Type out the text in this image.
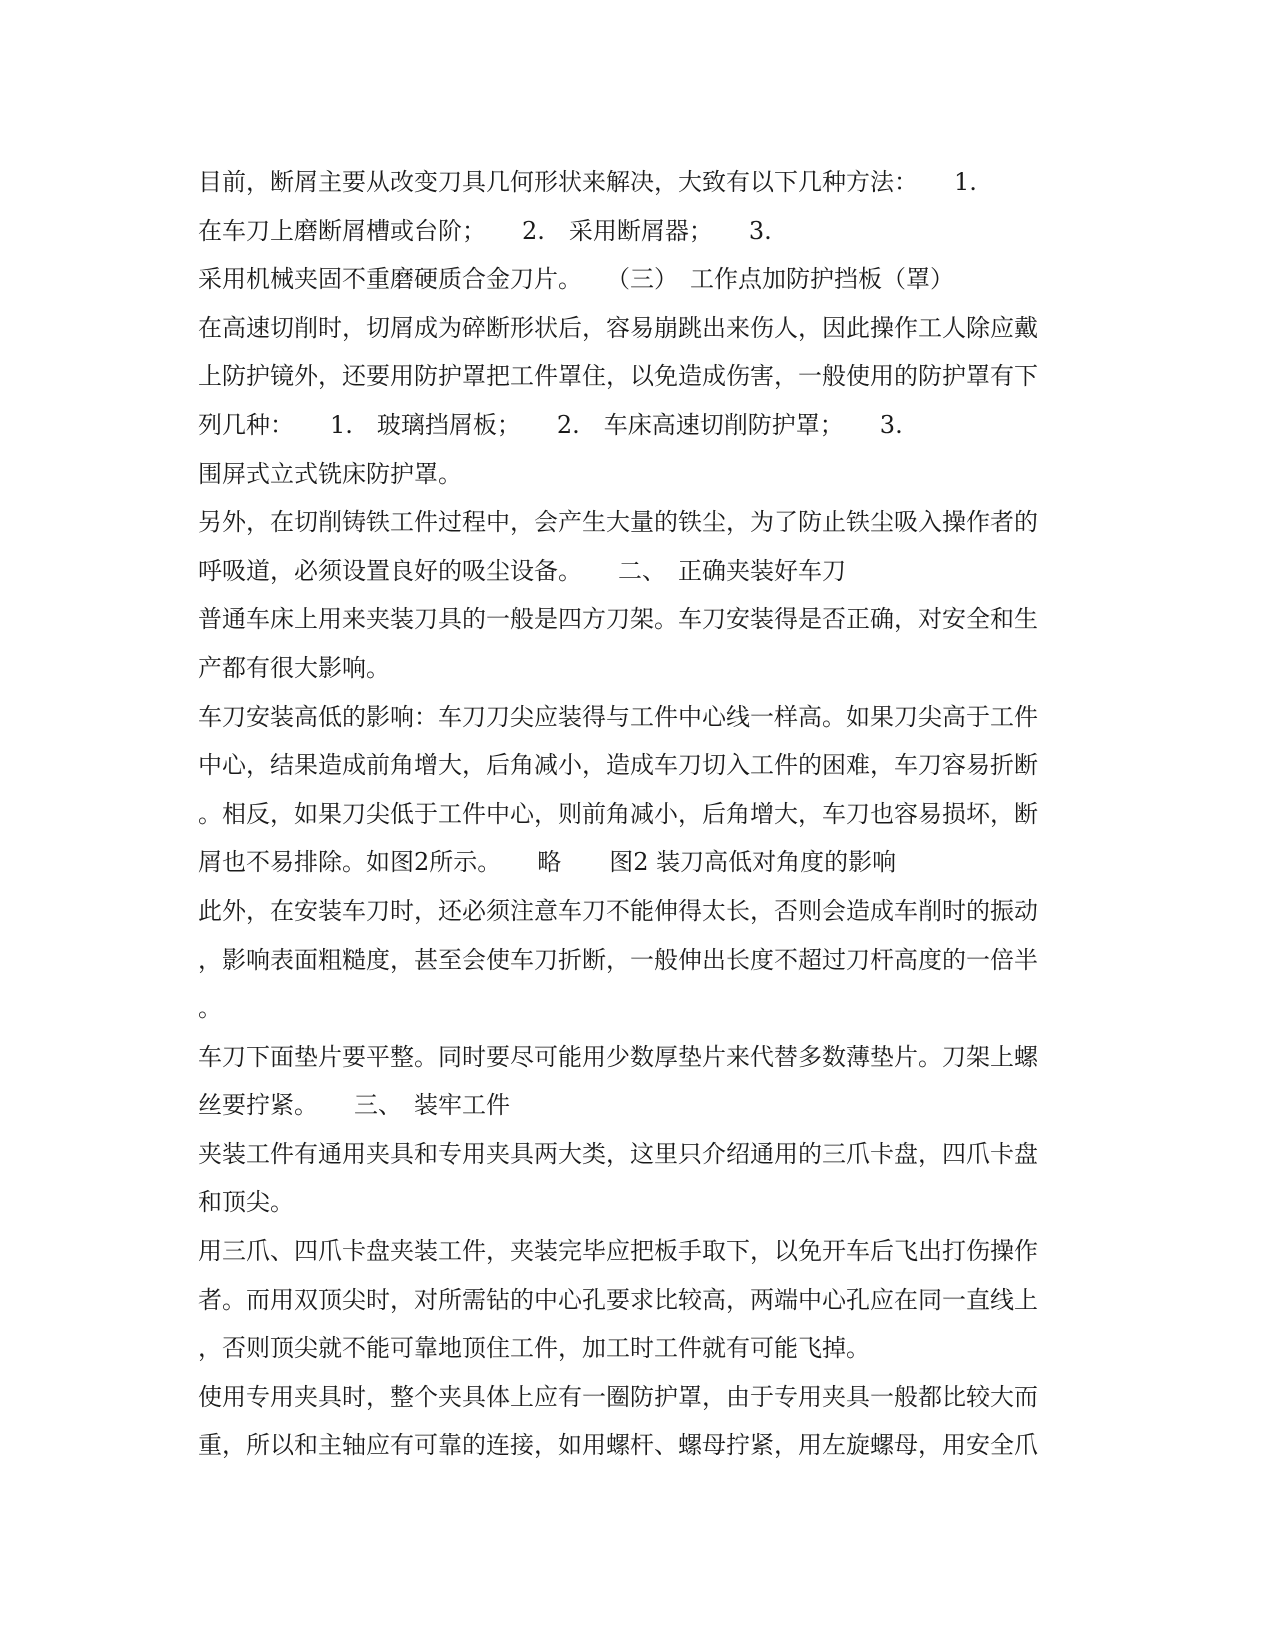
目前，断屑主要从改变刀具几何形状来解决，大致有以下几种方法：　　1.
在车刀上磨断屑槽或台阶；　　2.　采用断屑器；　　3.
采用机械夹固不重磨硬质合金刀片。　　（三）　工作点加防护挡板（罩）
在高速切削时，切屑成为碎断形状后，容易崩跳出来伤人，因此操作工人除应戴
上防护镜外，还要用防护罩把工件罩住，以免造成伤害，一般使用的防护罩有下
列几种：　　1.　玻璃挡屑板；　　2.　车床高速切削防护罩；　　3.
围屏式立式铣床防护罩。
另外，在切削铸铁工件过程中，会产生大量的铁尘，为了防止铁尘吸入操作者的
呼吸道，必须设置良好的吸尘设备。　　二、　正确夹装好车刀
普通车床上用来夹装刀具的一般是四方刀架。车刀安装得是否正确，对安全和生
产都有很大影响。
车刀安装高低的影响：车刀刀尖应装得与工件中心线一样高。如果刀尖高于工件
中心，结果造成前角增大，后角减小，造成车刀切入工件的困难，车刀容易折断
。相反，如果刀尖低于工件中心，则前角减小，后角增大，车刀也容易损坏，断
屑也不易排除。如图2所示。　　略　　图2 装刀高低对角度的影响
此外，在安装车刀时，还必须注意车刀不能伸得太长，否则会造成车削时的振动
，影响表面粗糙度，甚至会使车刀折断，一般伸出长度不超过刀杆高度的一倍半
。
车刀下面垫片要平整。同时要尽可能用少数厚垫片来代替多数薄垫片。刀架上螺
丝要拧紧。　　三、　装牢工件
夹装工件有通用夹具和专用夹具两大类，这里只介绍通用的三爪卡盘，四爪卡盘
和顶尖。
用三爪、四爪卡盘夹装工件，夹装完毕应把板手取下，以免开车后飞出打伤操作
者。而用双顶尖时，对所需钻的中心孔要求比较高，两端中心孔应在同一直线上
，否则顶尖就不能可靠地顶住工件，加工时工件就有可能飞掉。
使用专用夹具时，整个夹具体上应有一圈防护罩，由于专用夹具一般都比较大而
重，所以和主轴应有可靠的连接，如用螺杆、螺母拧紧，用左旋螺母，用安全爪
